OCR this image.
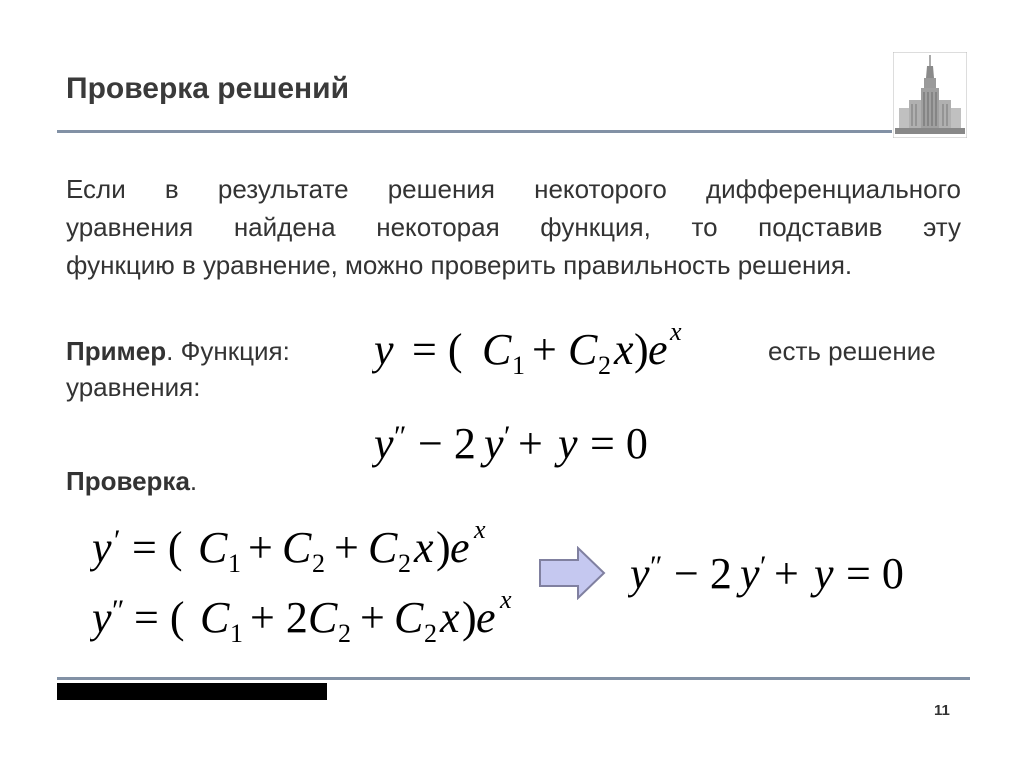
Проверка решений
Если в результате решения некоторого дифференциального
уравнения найдена некоторая функция, то подставив эту
функцию в уравнение, можно проверить правильность решения.
Пример. Функция:	есть решение
уравнения:
y = ( C 1 + C 2 x ) e x
y ″ − 2 y ′ + y = 0
Проверка.
y ′ = ( C 1 + C 2 + C 2 x ) e x
y ″ = ( C 1 + 2 C 2 + C 2 x ) e x
y ″ − 2 y ′ + y = 0
11
